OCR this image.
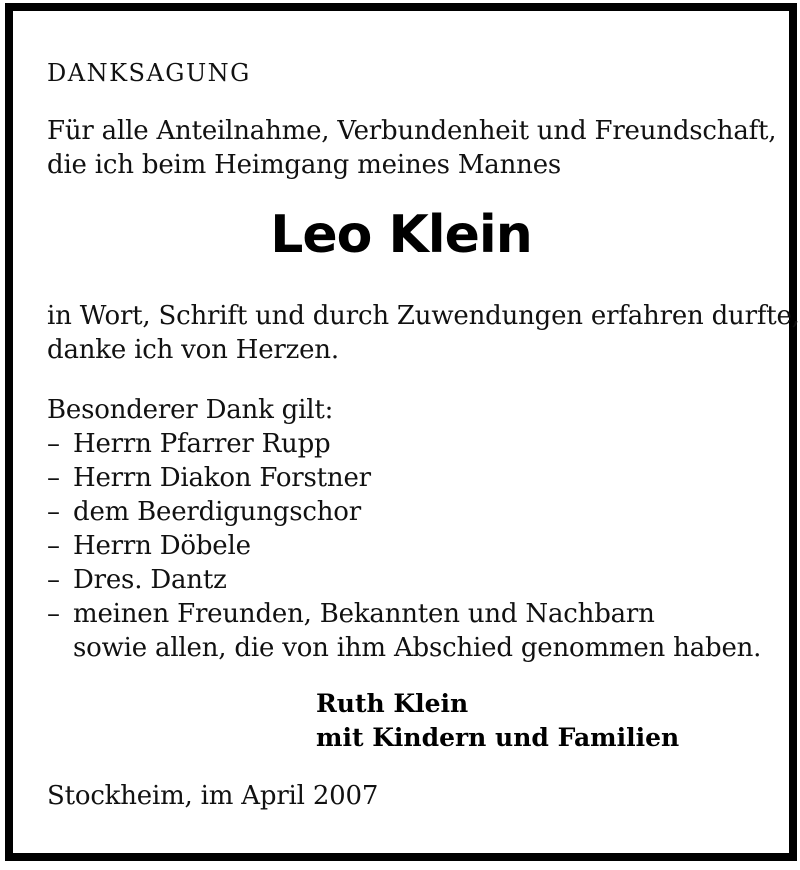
DANKSAGUNG

Für alle Anteilnahme, Verbundenheit und Freundschaft,

die ich beim Heimgang meines Mannes

Leo Klein

in Wort, Schrift und durch Zuwendungen erfahren durfte,

danke ich von Herzen.

Besonderer Dank gilt:

– Herrn Pfarrer Rupp
– Herrn Diakon Forstner
– dem Beerdigungschor
– Herrn Döbele
– Dres. Dantz
– meinen Freunden, Bekannten und Nachbarn

sowie allen, die von ihm Abschied genommen haben.

Ruth Klein

mit Kindern und Familien

Stockheim, im April 2007
